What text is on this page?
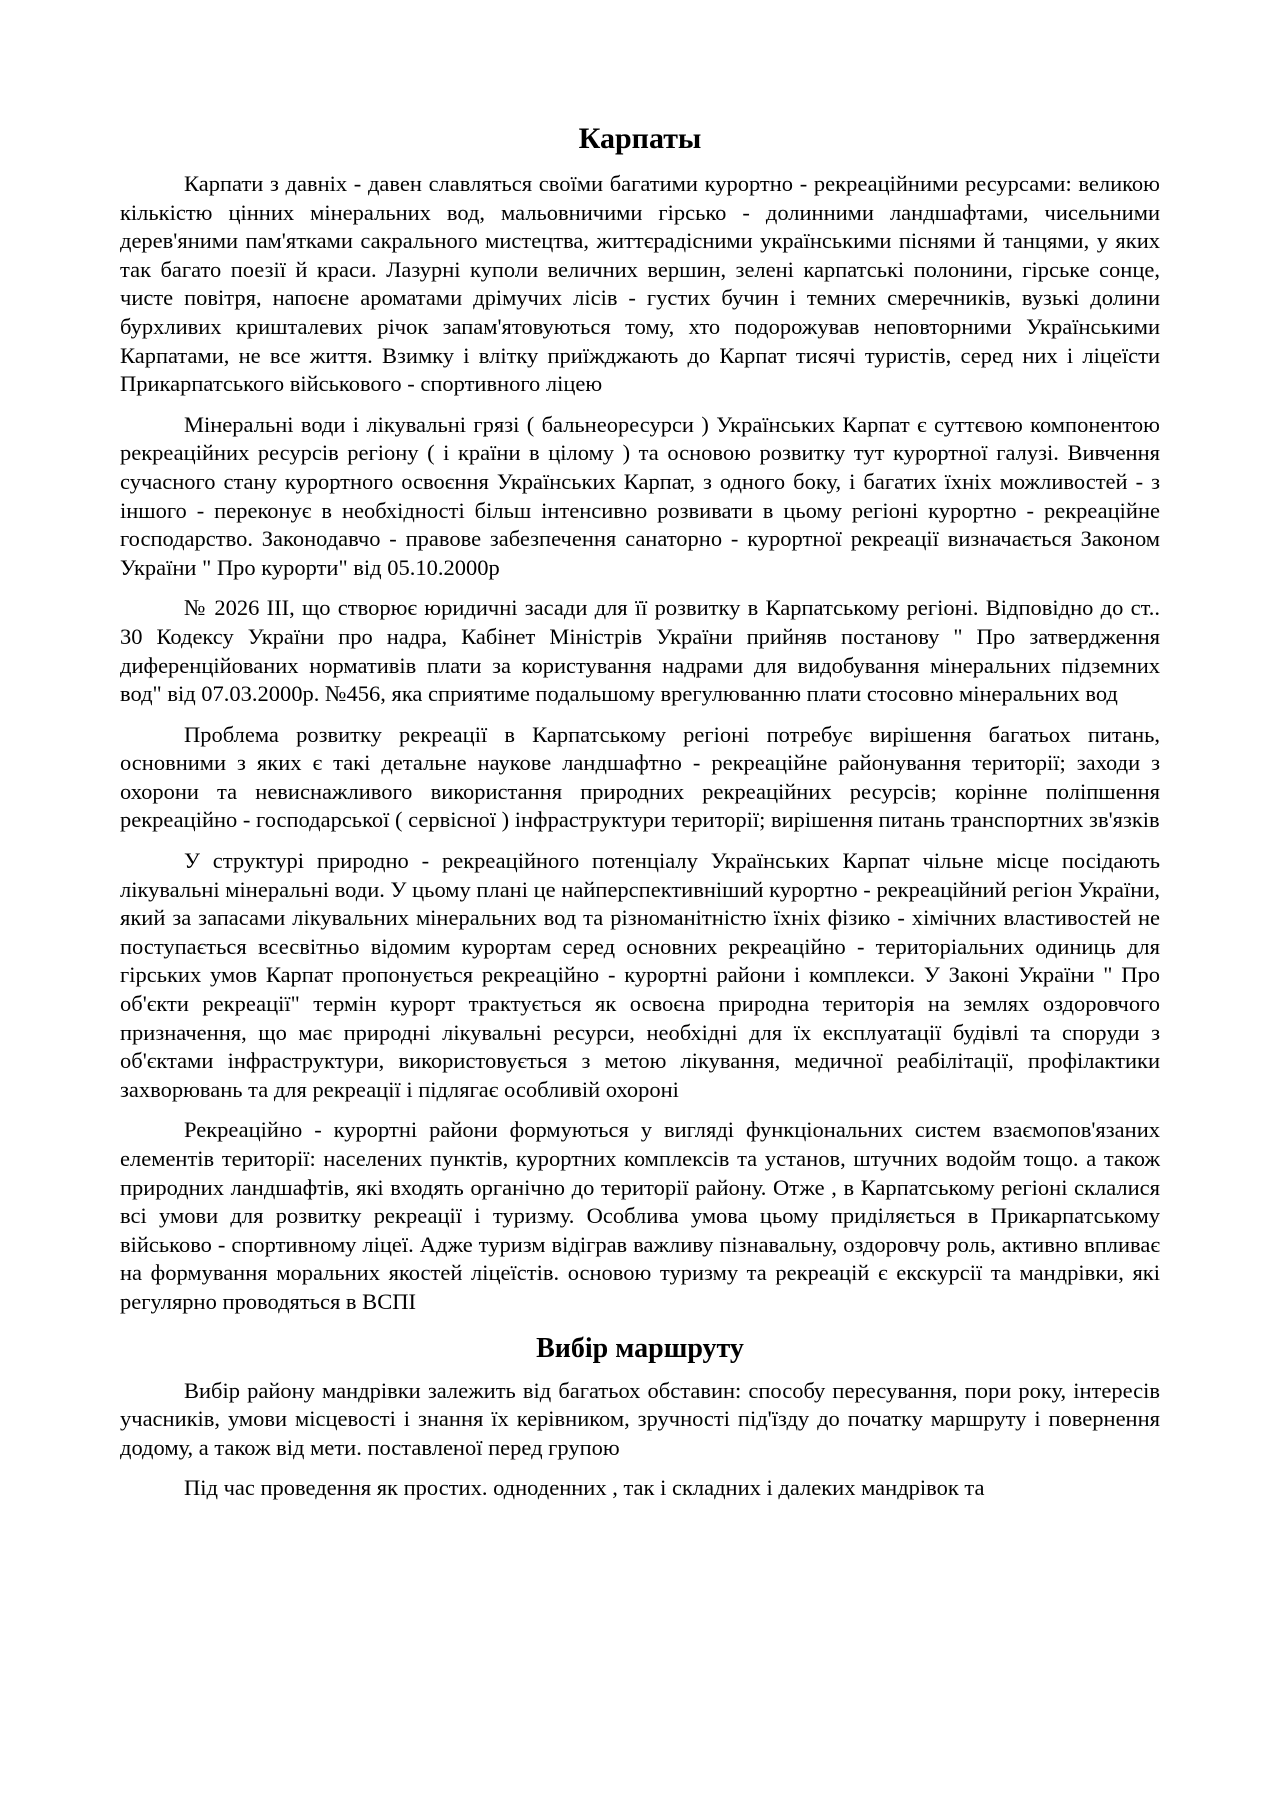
Карпаты

Карпати з давніх - давен славляться своїми багатими курортно - рекреаційними ресурсами: великою кількістю цінних мінеральних вод, мальовничими гірсько - долинними ландшафтами, чисельними дерев'яними пам'ятками сакрального мистецтва, життєрадісними українськими піснями й танцями, у яких так багато поезії й краси. Лазурні куполи величних вершин, зелені карпатські полонини, гірське сонце, чисте повітря, напоєне ароматами дрімучих лісів - густих бучин і темних смеречників, вузькі долини бурхливих кришталевих річок запам'ятовуються тому, хто подорожував неповторними Українськими Карпатами, не все життя. Взимку і влітку приїжджають до Карпат тисячі туристів, серед них і ліцеїсти Прикарпатського військового - спортивного ліцею

Мінеральні води і лікувальні грязі ( бальнеоресурси ) Українських Карпат є суттєвою компонентою рекреаційних ресурсів регіону ( і країни в цілому ) та основою розвитку тут курортної галузі. Вивчення сучасного стану курортного освоєння Українських Карпат, з одного боку, і багатих їхніх можливостей - з іншого - переконує в необхідності більш інтенсивно розвивати в цьому регіоні курортно - рекреаційне господарство. Законодавчо - правове забезпечення санаторно - курортної рекреації визначається Законом України " Про курорти" від 05.10.2000р

№ 2026 ІІІ, що створює юридичні засади для її розвитку в Карпатському регіоні. Відповідно до ст.. 30 Кодексу України про надра, Кабінет Міністрів України прийняв постанову " Про затвердження диференційованих нормативів плати за користування надрами для видобування мінеральних підземних вод" від 07.03.2000р. №456, яка сприятиме подальшому врегулюванню плати стосовно мінеральних вод

Проблема розвитку рекреації в Карпатському регіоні потребує вирішення багатьох питань, основними з яких є такі детальне наукове ландшафтно - рекреаційне районування території; заходи з охорони та невиснажливого використання природних рекреаційних ресурсів; корінне поліпшення рекреаційно - господарської ( сервісної ) інфраструктури території; вирішення питань транспортних зв'язків

У структурі природно - рекреаційного потенціалу Українських Карпат чільне місце посідають лікувальні мінеральні води. У цьому плані це найперспективніший курортно - рекреаційний регіон України, який за запасами лікувальних мінеральних вод та різноманітністю їхніх фізико - хімічних властивостей не поступається всесвітньо відомим курортам серед основних рекреаційно - територіальних одиниць для гірських умов Карпат пропонується рекреаційно - курортні райони і комплекси. У Законі України " Про об'єкти рекреації" термін курорт трактується як освоєна природна територія на землях оздоровчого призначення, що має природні лікувальні ресурси, необхідні для їх експлуатації будівлі та споруди з об'єктами інфраструктури, використовується з метою лікування, медичної реабілітації, профілактики захворювань та для рекреації і підлягає особливій охороні

Рекреаційно - курортні райони формуються у вигляді функціональних систем взаємопов'язаних елементів території: населених пунктів, курортних комплексів та установ, штучних водойм тощо. а також природних ландшафтів, які входять органічно до території району. Отже , в Карпатському регіоні склалися всі умови для розвитку рекреації і туризму. Особлива умова цьому приділяється в Прикарпатському військово - спортивному ліцеї. Адже туризм відіграв важливу пізнавальну, оздоровчу роль, активно впливає на формування моральних якостей ліцеїстів. основою туризму та рекреацій є екскурсії та мандрівки, які регулярно проводяться в ВСПІ

Вибір маршруту

Вибір району мандрівки залежить від багатьох обставин: способу пересування, пори року, інтересів учасників, умови місцевості і знання їх керівником, зручності під'їзду до початку маршруту і повернення додому, а також від мети. поставленої перед групою

Під час проведення як простих. одноденних , так і складних і далеких мандрівок та
